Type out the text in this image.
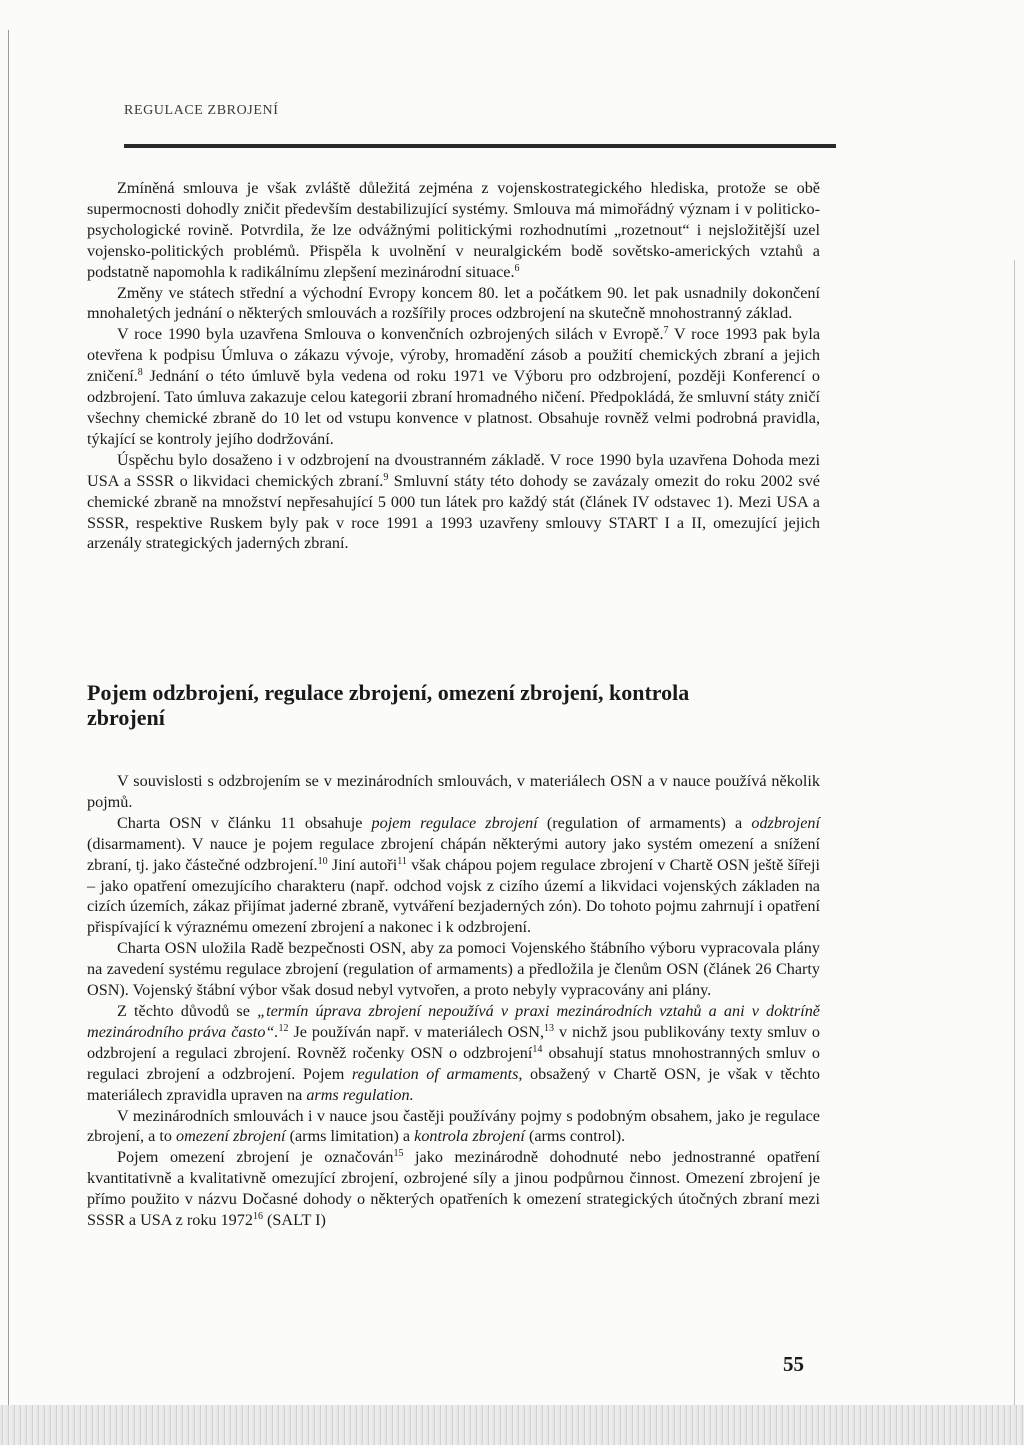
REGULACE ZBROJENÍ

Zmíněná smlouva je však zvláště důležitá zejména z vojenskostrategického hlediska, protože se obě supermocnosti dohodly zničit především destabilizující systémy. Smlouva má mimořádný význam i v politicko-psychologické rovině. Potvrdila, že lze odvážnými politickými rozhodnutími „rozetnout“ i nejsložitější uzel vojensko-politických problémů. Přispěla k uvolnění v neuralgickém bodě sovětsko-amerických vztahů a podstatně napomohla k radikálnímu zlepšení mezinárodní situace.$^6$

Změny ve státech střední a východní Evropy koncem 80. let a počátkem 90. let pak usnadnily dokončení mnohaletých jednání o některých smlouvách a rozšířily proces odzbrojení na skutečně mnohostranný základ.

V roce 1990 byla uzavřena Smlouva o konvenčních ozbrojených silách v Evropě.$^7$ V roce 1993 pak byla otevřena k podpisu Úmluva o zákazu vývoje, výroby, hromadění zásob a použití chemických zbraní a jejich zničení.$^8$ Jednání o této úmluvě byla vedena od roku 1971 ve Výboru pro odzbrojení, později Konferencí o odzbrojení. Tato úmluva zakazuje celou kategorii zbraní hromadného ničení. Předpokládá, že smluvní státy zničí všechny chemické zbraně do 10 let od vstupu konvence v platnost. Obsahuje rovněž velmi podrobná pravidla, týkající se kontroly jejího dodržování.

Úspěchu bylo dosaženo i v odzbrojení na dvoustranném základě. V roce 1990 byla uzavřena Dohoda mezi USA a SSSR o likvidaci chemických zbraní.$^9$ Smluvní státy této dohody se zavázaly omezit do roku 2002 své chemické zbraně na množství nepřesahující 5 000 tun látek pro každý stát (článek IV odstavec 1). Mezi USA a SSSR, respektive Ruskem byly pak v roce 1991 a 1993 uzavřeny smlouvy START I a II, omezující jejich arzenály strategických jaderných zbraní.

Pojem odzbrojení, regulace zbrojení, omezení zbrojení, kontrola zbrojení

V souvislosti s odzbrojením se v mezinárodních smlouvách, v materiálech OSN a v nauce používá několik pojmů.

Charta OSN v článku 11 obsahuje pojem regulace zbrojení (regulation of armaments) a odzbrojení (disarmament). V nauce je pojem regulace zbrojení chápán některými autory jako systém omezení a snížení zbraní, tj. jako částečné odzbrojení.$^{10}$ Jiní autoři$^{11}$ však chápou pojem regulace zbrojení v Chartě OSN ještě šířeji – jako opatření omezujícího charakteru (např. odchod vojsk z cizího území a likvidaci vojenských základen na cizích územích, zákaz přijímat jaderné zbraně, vytváření bezjaderných zón). Do tohoto pojmu zahrnují i opatření přispívající k výraznému omezení zbrojení a nakonec i k odzbrojení.

Charta OSN uložila Radě bezpečnosti OSN, aby za pomoci Vojenského štábního výboru vypracovala plány na zavedení systému regulace zbrojení (regulation of armaments) a předložila je členům OSN (článek 26 Charty OSN). Vojenský štábní výbor však dosud nebyl vytvořen, a proto nebyly vypracovány ani plány.

Z těchto důvodů se „termín úprava zbrojení nepoužívá v praxi mezinárodních vztahů a ani v doktríně mezinárodního práva často“.$^{12}$ Je používán např. v materiálech OSN,$^{13}$ v nichž jsou publikovány texty smluv o odzbrojení a regulaci zbrojení. Rovněž ročenky OSN o odzbrojení$^{14}$ obsahují status mnohostranných smluv o regulaci zbrojení a odzbrojení. Pojem regulation of armaments, obsažený v Chartě OSN, je však v těchto materiálech zpravidla upraven na arms regulation.

V mezinárodních smlouvách i v nauce jsou častěji používány pojmy s podobným obsahem, jako je regulace zbrojení, a to omezení zbrojení (arms limitation) a kontrola zbrojení (arms control).

Pojem omezení zbrojení je označován$^{15}$ jako mezinárodně dohodnuté nebo jednostranné opatření kvantitativně a kvalitativně omezující zbrojení, ozbrojené síly a jinou podpůrnou činnost. Omezení zbrojení je přímo použito v názvu Dočasné dohody o některých opatřeních k omezení strategických útočných zbraní mezi SSSR a USA z roku 1972$^{16}$ (SALT I)

55
